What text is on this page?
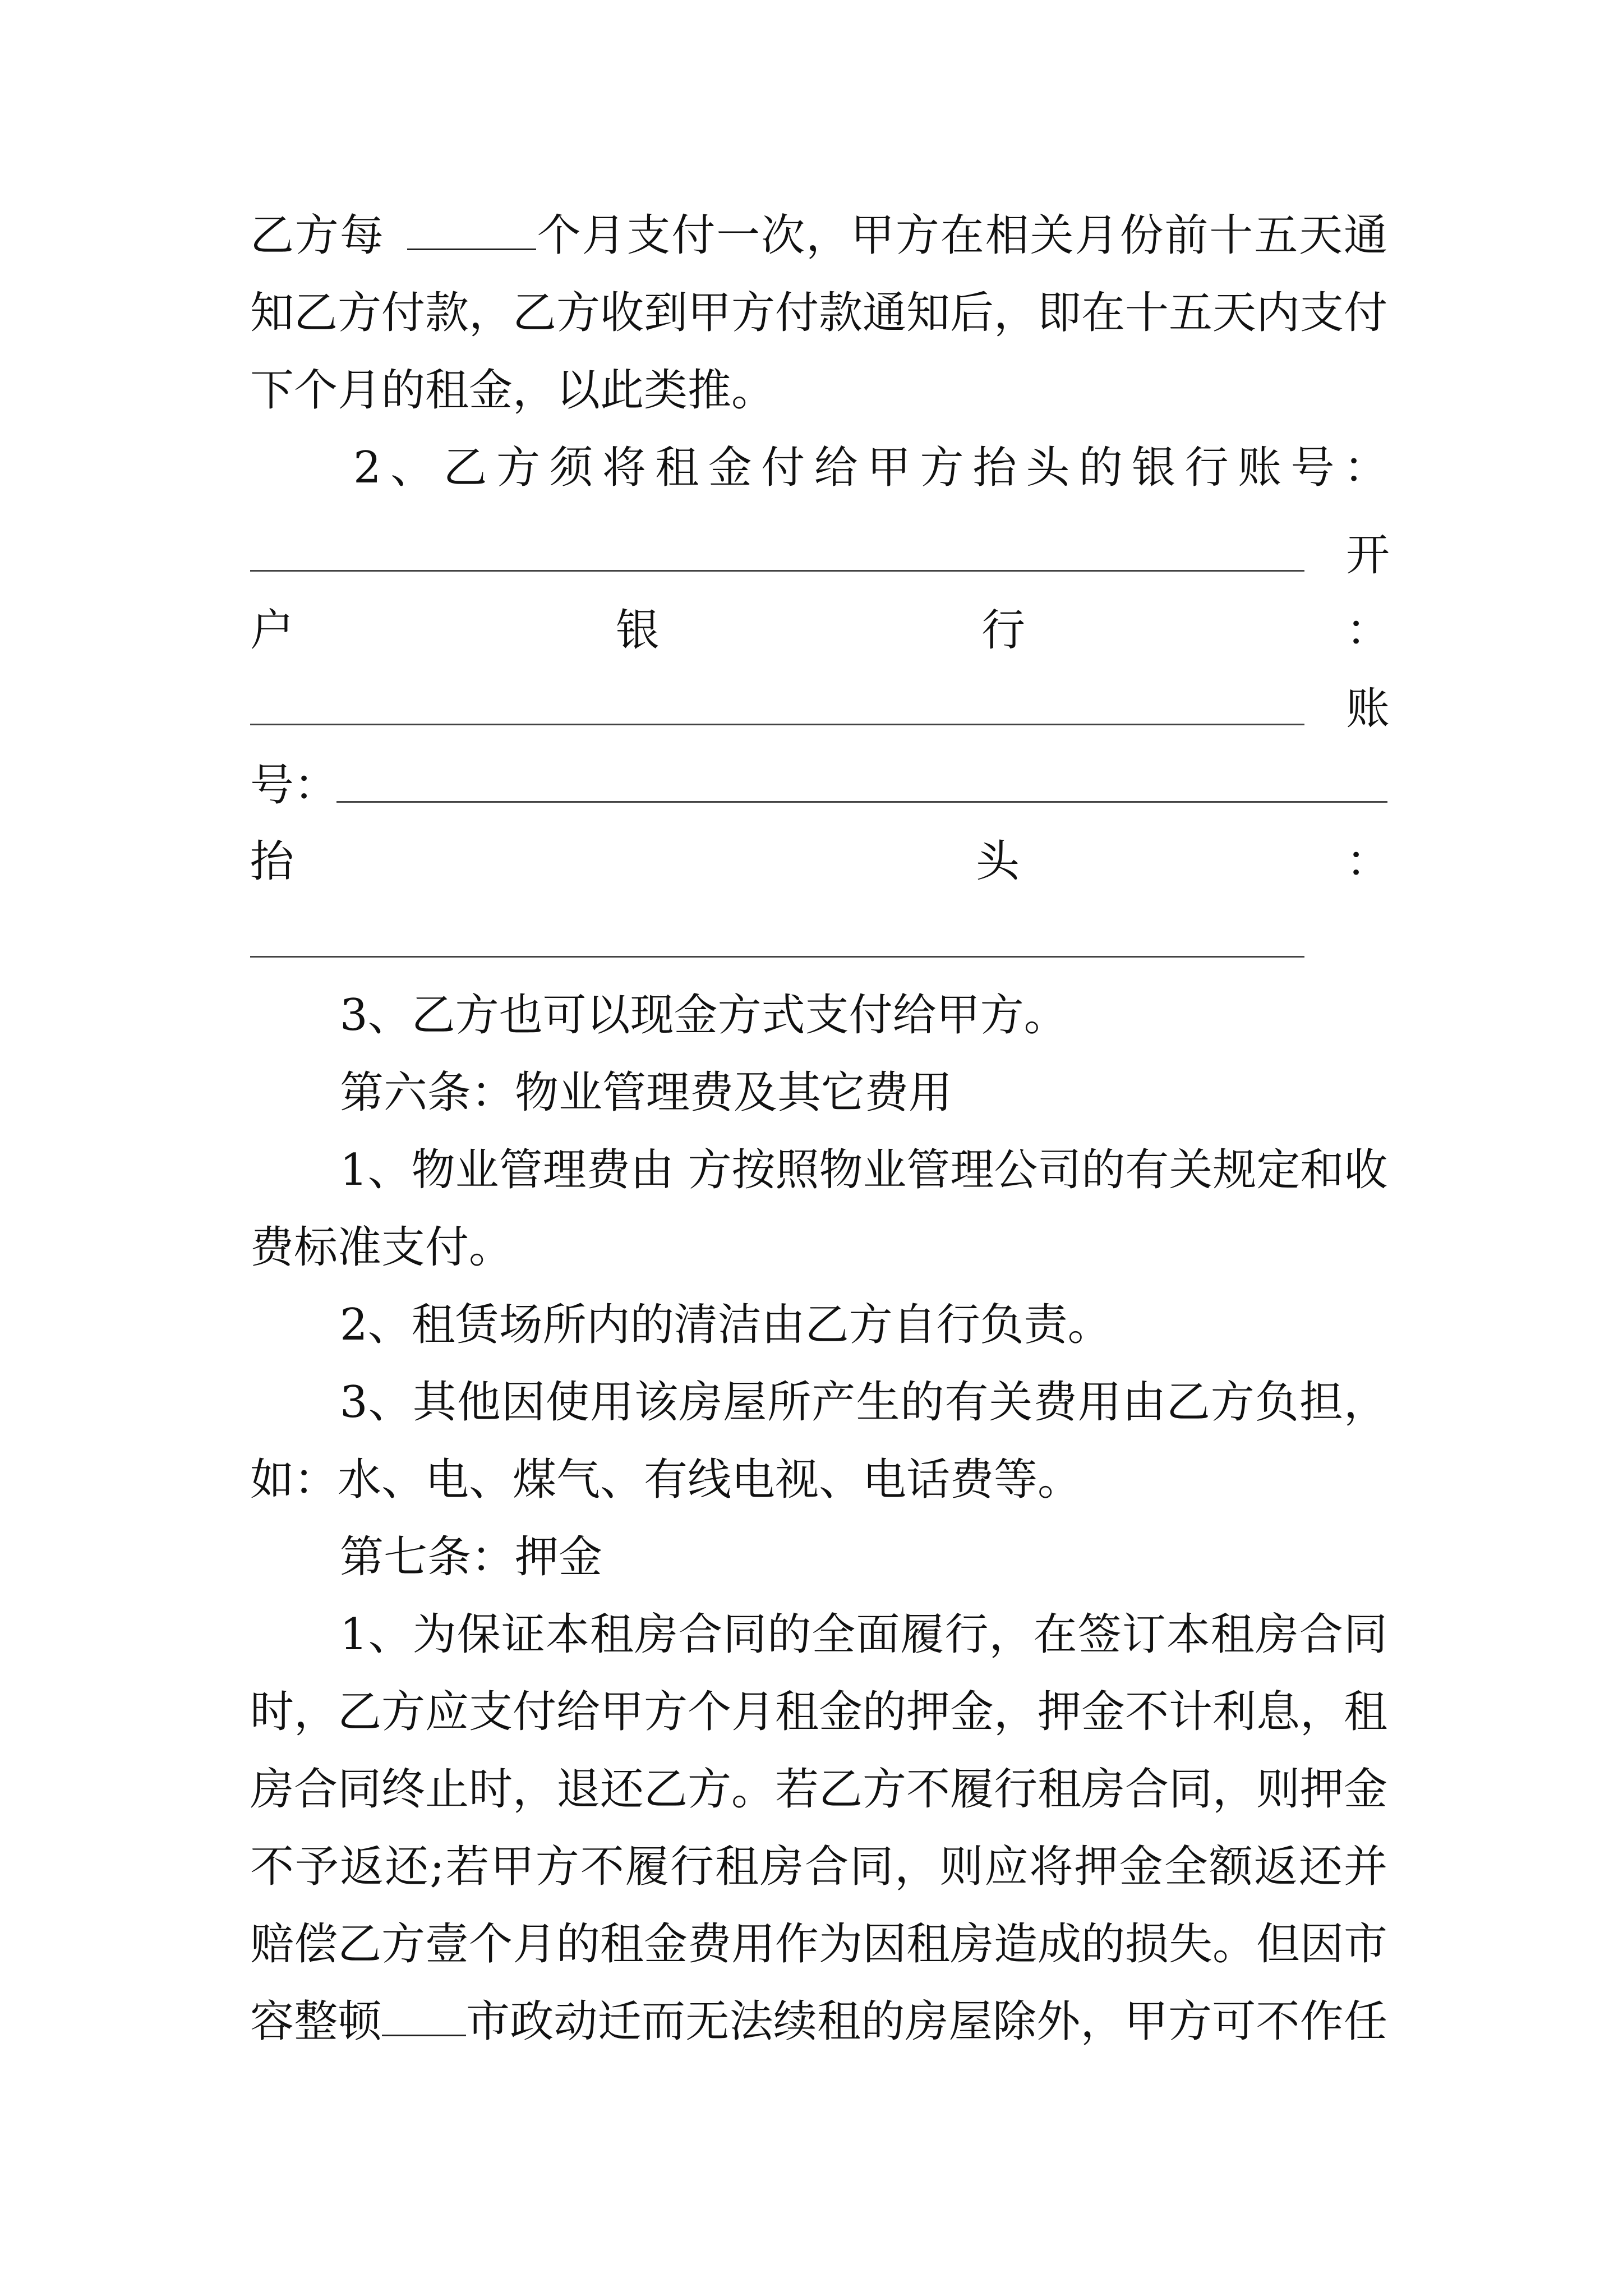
乙方每	个月支付一次，甲方在相关月份前十五天通
知乙方付款，乙方收到甲方付款通知后，即在十五天内支付
下个月的租金，以此类推。
2、乙方须将租金付给甲方抬头的银行账号：
开
户	银	行	：
账
号：
抬	头	：
3、乙方也可以现金方式支付给甲方。
第六条：物业管理费及其它费用
1、物业管理费由 方按照物业管理公司的有关规定和收
费标准支付。
2、租赁场所内的清洁由乙方自行负责。
3、其他因使用该房屋所产生的有关费用由乙方负担，
如：水、电、煤气、有线电视、电话费等。
第七条：押金
1、为保证本租房合同的全面履行，在签订本租房合同
时，乙方应支付给甲方个月租金的押金，押金不计利息，租
房合同终止时，退还乙方。若乙方不履行租房合同，则押金
不予返还;若甲方不履行租房合同，则应将押金全额返还并
赔偿乙方壹个月的租金费用作为因租房造成的损失。但因市
容整顿 市政动迁而无法续租的房屋除外，甲方可不作任
